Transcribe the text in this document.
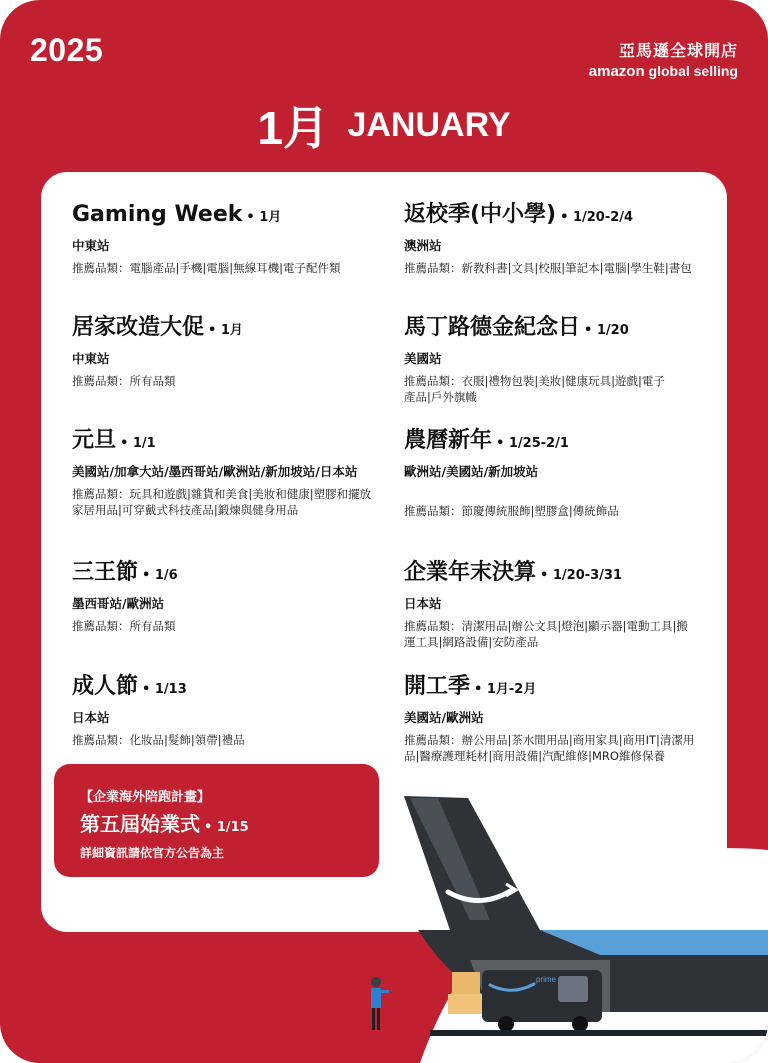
2025	亞馬遜全球開店
amazon global selling
1月 JANUARY
Gaming Week • 1月
中東站
推薦品類：電腦產品|手機|電腦|無線耳機|電子配件類
居家改造大促 • 1月
中東站
推薦品類：所有品類
元旦 • 1/1
美國站/加拿大站/墨西哥站/歐洲站/新加坡站/日本站
推薦品類：玩具和遊戲|雜貨和美食|美妝和健康|塑膠和擺放家居用品|可穿戴式科技產品|鍛煉與健身用品
三王節 • 1/6
墨西哥站/歐洲站
推薦品類：所有品類
成人節 • 1/13
日本站
推薦品類：化妝品|髮飾|領帶|禮品
返校季(中小學) • 1/20-2/4
澳洲站
推薦品類：新教科書|文具|校服|筆記本|電腦|學生鞋|書包
馬丁路德金紀念日 • 1/20
美國站
推薦品類：衣服|禮物包裝|美妝|健康玩具|遊戲|電子產品|戶外旗幟
農曆新年 • 1/25-2/1
歐洲站/美國站/新加坡站
推薦品類：節慶傳統服飾|塑膠盒|傳統飾品
企業年末決算 • 1/20-3/31
日本站
推薦品類：清潔用品|辦公文具|燈泡|顯示器|電動工具|搬運工具|網路設備|安防產品
開工季 • 1月-2月
美國站/歐洲站
推薦品類：辦公用品|茶水間用品|商用家具|商用IT|清潔用品|醫療護理耗材|商用設備|汽配維修|MRO維修保養
【企業海外陪跑計畫】
第五屆始業式 • 1/15
詳細資訊請依官方公告為主
prime
